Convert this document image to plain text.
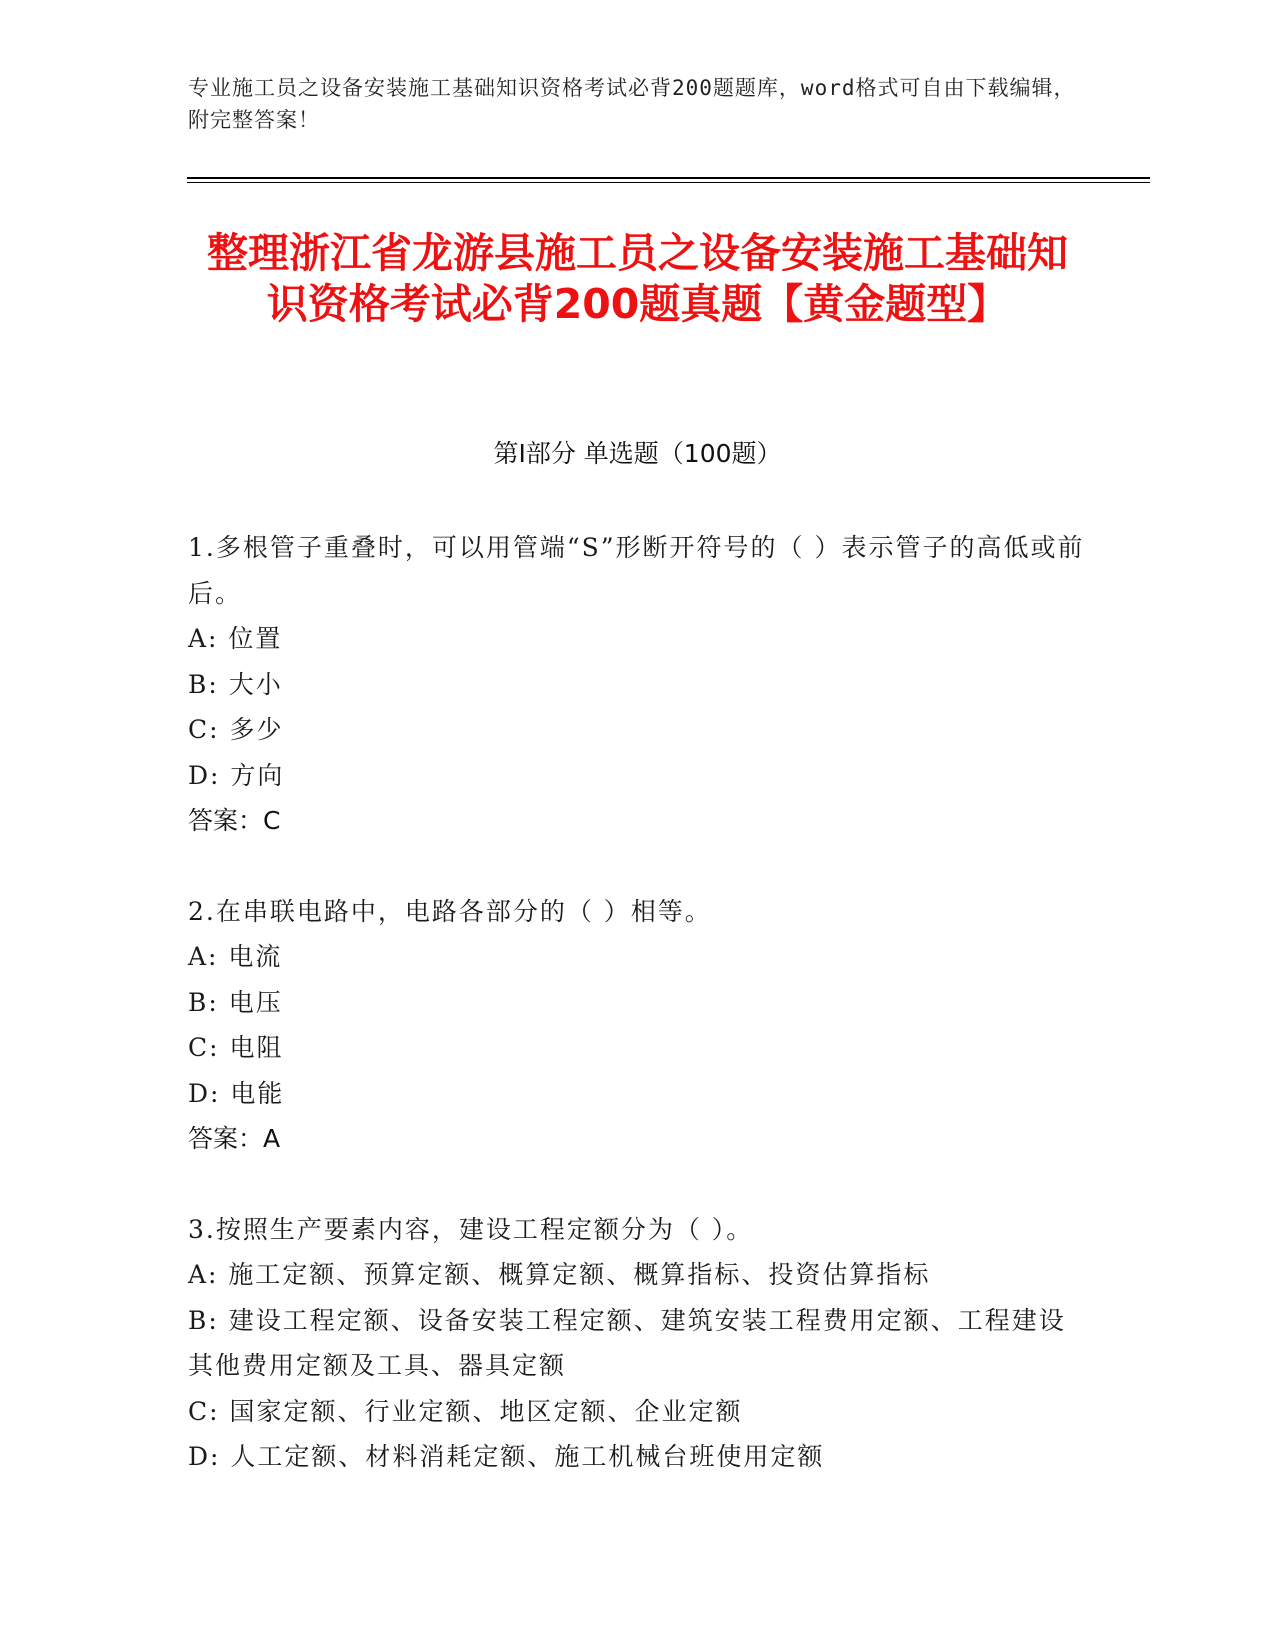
专业施工员之设备安装施工基础知识资格考试必背200题题库，word格式可自由下载编辑，附完整答案！
整理浙江省龙游县施工员之设备安装施工基础知识资格考试必背200题真题【黄金题型】
第I部分 单选题（100题）
1.多根管子重叠时，可以用管端“S”形断开符号的（ ）表示管子的高低或前后。
A: 位置
B: 大小
C: 多少
D: 方向
答案：C
2.在串联电路中，电路各部分的（ ）相等。
A: 电流
B: 电压
C: 电阻
D: 电能
答案：A
3.按照生产要素内容，建设工程定额分为（ ）。
A: 施工定额、预算定额、概算定额、概算指标、投资估算指标
B: 建设工程定额、设备安装工程定额、建筑安装工程费用定额、工程建设其他费用定额及工具、器具定额
C: 国家定额、行业定额、地区定额、企业定额
D: 人工定额、材料消耗定额、施工机械台班使用定额
